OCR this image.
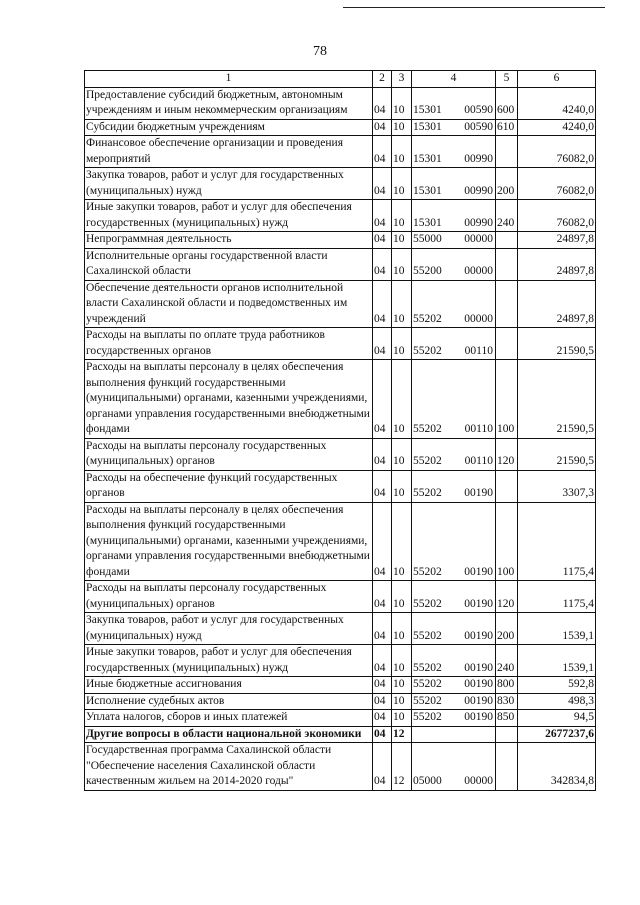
78
1	2	3	4	5	6
Предоставление субсидий бюджетным, автономным учреждениям и иным некоммерческим организациям	04	10	15301 00590	600	4240,0
Субсидии бюджетным учреждениям	04	10	15301 00590	610	4240,0
Финансовое обеспечение организации и проведения мероприятий	04	10	15301 00990		76082,0
Закупка товаров, работ и услуг для государственных (муниципальных) нужд	04	10	15301 00990	200	76082,0
Иные закупки товаров, работ и услуг для обеспечения государственных (муниципальных) нужд	04	10	15301 00990	240	76082,0
Непрограммная деятельность	04	10	55000 00000		24897,8
Исполнительные органы государственной власти Сахалинской области	04	10	55200 00000		24897,8
Обеспечение деятельности органов исполнительной власти Сахалинской области и подведомственных им учреждений	04	10	55202 00000		24897,8
Расходы на выплаты по оплате труда работников государственных органов	04	10	55202 00110		21590,5
Расходы на выплаты персоналу в целях обеспечения выполнения функций государственными (муниципальными) органами, казенными учреждениями, органами управления государственными внебюджетными фондами	04	10	55202 00110	100	21590,5
Расходы на выплаты персоналу государственных (муниципальных) органов	04	10	55202 00110	120	21590,5
Расходы на обеспечение функций государственных органов	04	10	55202 00190		3307,3
Расходы на выплаты персоналу в целях обеспечения выполнения функций государственными (муниципальными) органами, казенными учреждениями, органами управления государственными внебюджетными фондами	04	10	55202 00190	100	1175,4
Расходы на выплаты персоналу государственных (муниципальных) органов	04	10	55202 00190	120	1175,4
Закупка товаров, работ и услуг для государственных (муниципальных) нужд	04	10	55202 00190	200	1539,1
Иные закупки товаров, работ и услуг для обеспечения государственных (муниципальных) нужд	04	10	55202 00190	240	1539,1
Иные бюджетные ассигнования	04	10	55202 00190	800	592,8
Исполнение судебных актов	04	10	55202 00190	830	498,3
Уплата налогов, сборов и иных платежей	04	10	55202 00190	850	94,5
Другие вопросы в области национальной экономики	04	12			2677237,6
Государственная программа Сахалинской области "Обеспечение населения Сахалинской области качественным жильем на 2014-2020 годы"	04	12	05000 00000		342834,8
